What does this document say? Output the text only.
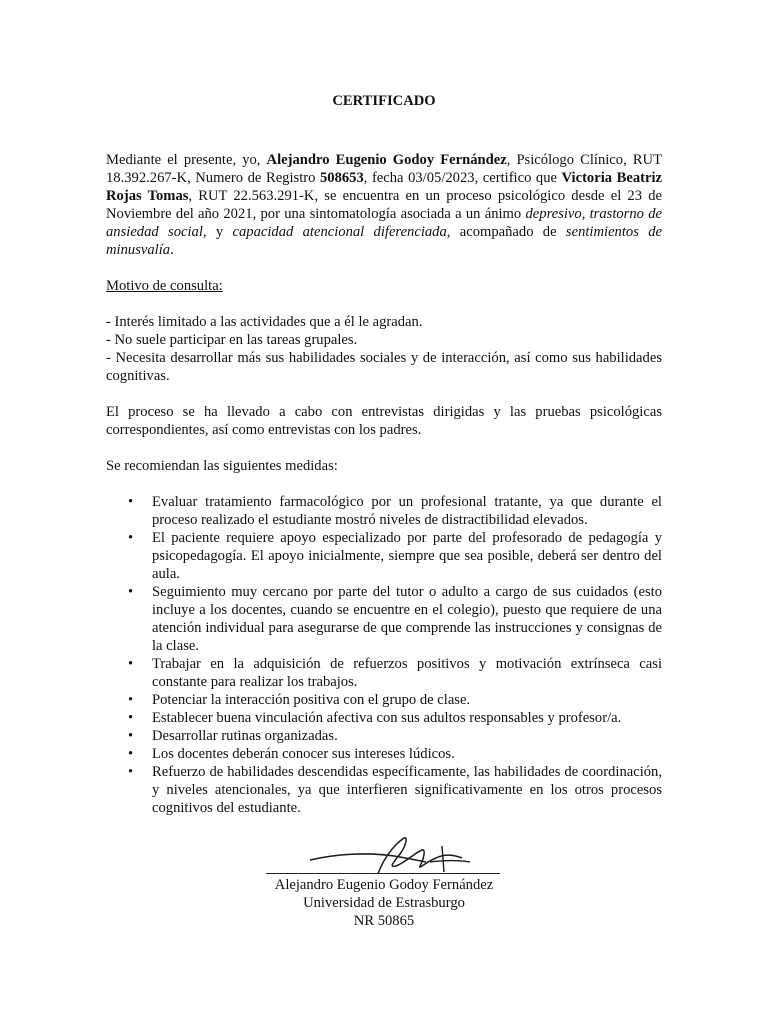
CERTIFICADO

Mediante el presente, yo, Alejandro Eugenio Godoy Fernández, Psicólogo Clínico, RUT 18.392.267-K, Numero de Registro 508653, fecha 03/05/2023, certifico que Victoria Beatriz Rojas Tomas, RUT 22.563.291-K, se encuentra en un proceso psicológico desde el 23 de Noviembre del año 2021, por una sintomatología asociada a un ánimo depresivo, trastorno de ansiedad social, y capacidad atencional diferenciada, acompañado de sentimientos de minusvalía.

Motivo de consulta:

- Interés limitado a las actividades que a él le agradan.

- No suele participar en las tareas grupales.

- Necesita desarrollar más sus habilidades sociales y de interacción, así como sus habilidades cognitivas.

El proceso se ha llevado a cabo con entrevistas dirigidas y las pruebas psicológicas correspondientes, así como entrevistas con los padres.

Se recomiendan las siguientes medidas:

• Evaluar tratamiento farmacológico por un profesional tratante, ya que durante el proceso realizado el estudiante mostró niveles de distractibilidad elevados.

• El paciente requiere apoyo especializado por parte del profesorado de pedagogía y psicopedagogía. El apoyo inicialmente, siempre que sea posible, deberá ser dentro del aula.

• Seguimiento muy cercano por parte del tutor o adulto a cargo de sus cuidados (esto incluye a los docentes, cuando se encuentre en el colegio), puesto que requiere de una atención individual para asegurarse de que comprende las instrucciones y consignas de la clase.

• Trabajar en la adquisición de refuerzos positivos y motivación extrínseca casi constante para realizar los trabajos.

• Potenciar la interacción positiva con el grupo de clase.

• Establecer buena vinculación afectiva con sus adultos responsables y profesor/a.

• Desarrollar rutinas organizadas.

• Los docentes deberán conocer sus intereses lúdicos.

• Refuerzo de habilidades descendidas específicamente, las habilidades de coordinación, y niveles atencionales, ya que interfieren significativamente en los otros procesos cognitivos del estudiante.

Alejandro Eugenio Godoy Fernández
Universidad de Estrasburgo
NR 50865
